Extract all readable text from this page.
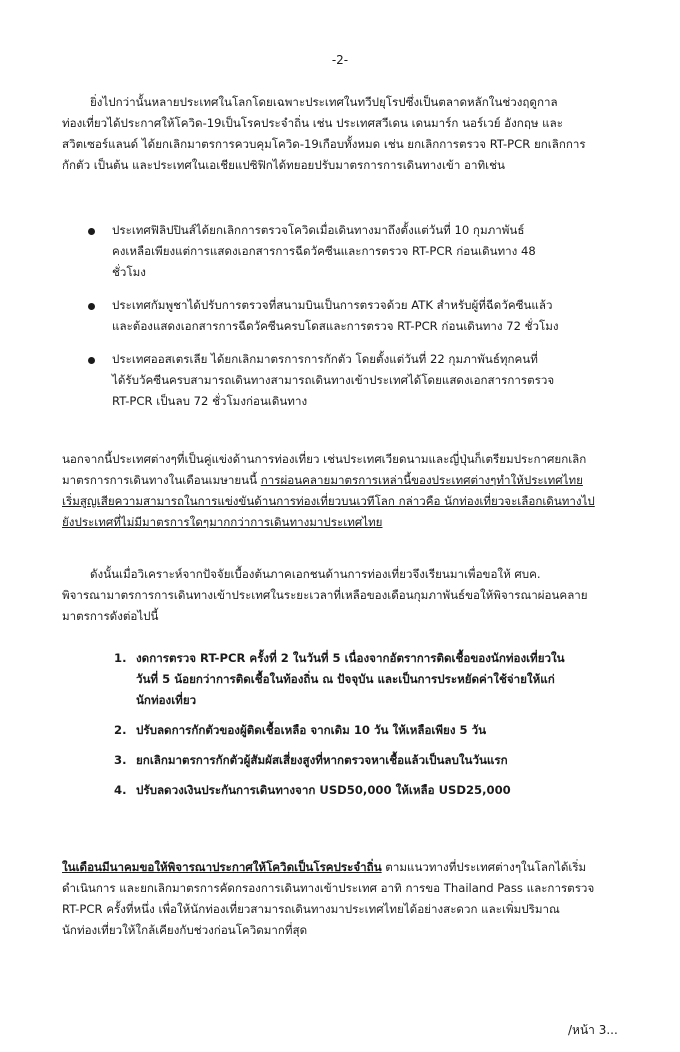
-2-

ยิ่งไปกว่านั้นหลายประเทศในโลกโดยเฉพาะประเทศในทวีปยุโรปซึ่งเป็นตลาดหลักในช่วงฤดูกาล
ท่องเที่ยวได้ประกาศให้โควิด-19เป็นโรคประจำถิ่น เช่น ประเทศสวีเดน เดนมาร์ก นอร์เวย์ อังกฤษ และ
สวิตเซอร์แลนด์ ได้ยกเลิกมาตรการควบคุมโควิด-19เกือบทั้งหมด เช่น ยกเลิกการตรวจ RT-PCR ยกเลิกการ
กักตัว เป็นต้น และประเทศในเอเชียแปซิฟิกได้ทยอยปรับมาตรการการเดินทางเข้า อาทิเช่น

ประเทศฟิลิปปินส์ได้ยกเลิกการตรวจโควิดเมื่อเดินทางมาถึงตั้งแต่วันที่ 10 กุมภาพันธ์
คงเหลือเพียงแต่การแสดงเอกสารการฉีดวัคซีนและการตรวจ RT-PCR ก่อนเดินทาง 48
ชั่วโมง
ประเทศกัมพูชาได้ปรับการตรวจที่สนามบินเป็นการตรวจด้วย ATK สำหรับผู้ที่ฉีดวัคซีนแล้ว
และต้องแสดงเอกสารการฉีดวัคซีนครบโดสและการตรวจ RT-PCR ก่อนเดินทาง 72 ชั่วโมง
ประเทศออสเตรเลีย ได้ยกเลิกมาตรการการกักตัว โดยตั้งแต่วันที่ 22 กุมภาพันธ์ทุกคนที่
ได้รับวัคซีนครบสามารถเดินทางสามารถเดินทางเข้าประเทศได้โดยแสดงเอกสารการตรวจ
RT-PCR เป็นลบ 72 ชั่วโมงก่อนเดินทาง

นอกจากนี้ประเทศต่างๆที่เป็นคู่แข่งด้านการท่องเที่ยว เช่นประเทศเวียดนามและญี่ปุ่นก็เตรียมประกาศยกเลิก
มาตรการการเดินทางในเดือนเมษายนนี้ การผ่อนคลายมาตรการเหล่านี้ของประเทศต่างๆทำให้ประเทศไทย
เริ่มสูญเสียความสามารถในการแข่งขันด้านการท่องเที่ยวบนเวทีโลก กล่าวคือ นักท่องเที่ยวจะเลือกเดินทางไป
ยังประเทศที่ไม่มีมาตรการใดๆมากกว่าการเดินทางมาประเทศไทย

ดังนั้นเมื่อวิเคราะห์จากปัจจัยเบื้องต้นภาคเอกชนด้านการท่องเที่ยวจึงเรียนมาเพื่อขอให้ ศบค.
พิจารณามาตรการการเดินทางเข้าประเทศในระยะเวลาที่เหลือของเดือนกุมภาพันธ์ขอให้พิจารณาผ่อนคลาย
มาตรการดังต่อไปนี้

1. งดการตรวจ RT-PCR ครั้งที่ 2 ในวันที่ 5 เนื่องจากอัตราการติดเชื้อของนักท่องเที่ยวใน
วันที่ 5 น้อยกว่าการติดเชื้อในท้องถิ่น ณ ปัจจุบัน และเป็นการประหยัดค่าใช้จ่ายให้แก่
นักท่องเที่ยว
2. ปรับลดการกักตัวของผู้ติดเชื้อเหลือ จากเดิม 10 วัน ให้เหลือเพียง 5 วัน
3. ยกเลิกมาตรการกักตัวผู้สัมผัสเสี่ยงสูงที่หากตรวจหาเชื้อแล้วเป็นลบในวันแรก
4. ปรับลดวงเงินประกันการเดินทางจาก USD50,000 ให้เหลือ USD25,000

ในเดือนมีนาคมขอให้พิจารณาประกาศให้โควิดเป็นโรคประจำถิ่น ตามแนวทางที่ประเทศต่างๆในโลกได้เริ่ม
ดำเนินการ และยกเลิกมาตรการคัดกรองการเดินทางเข้าประเทศ อาทิ การขอ Thailand Pass และการตรวจ
RT-PCR ครั้งที่หนึ่ง เพื่อให้นักท่องเที่ยวสามารถเดินทางมาประเทศไทยได้อย่างสะดวก และเพิ่มปริมาณ
นักท่องเที่ยวให้ใกล้เคียงกับช่วงก่อนโควิดมากที่สุด

/หน้า 3...
